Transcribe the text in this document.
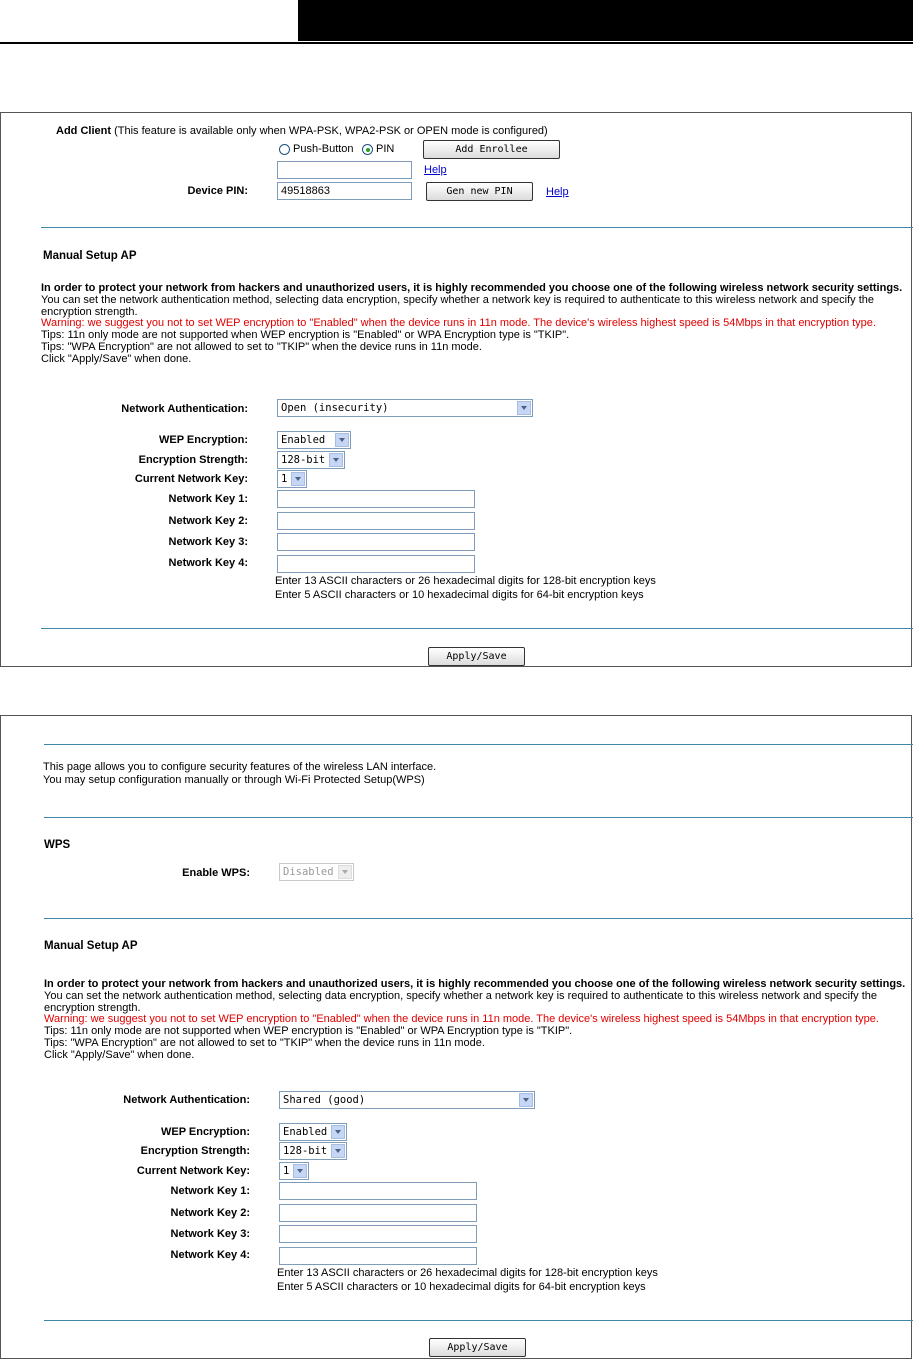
Add Client (This feature is available only when WPA-PSK, WPA2-PSK or OPEN mode is configured)
Push-Button PIN	Add Enrollee
Help
Device PIN:
49518863	Gen new PIN	Help
Manual Setup AP
In order to protect your network from hackers and unauthorized users, it is highly recommended you choose one of the following wireless network security settings.
You can set the network authentication method, selecting data encryption, specify whether a network key is required to authenticate to this wireless network and specify the
encryption strength.
Warning: we suggest you not to set WEP encryption to "Enabled" when the device runs in 11n mode. The device's wireless highest speed is 54Mbps in that encryption type.
Tips: 11n only mode are not supported when WEP encryption is "Enabled" or WPA Encryption type is "TKIP".
Tips: "WPA Encryption" are not allowed to set to "TKIP" when the device runs in 11n mode.
Click "Apply/Save" when done.
Network Authentication:	Open (insecurity)
WEP Encryption:	Enabled
Encryption Strength:	128-bit
Current Network Key:	1
Network Key 1:
Network Key 2:
Network Key 3:
Network Key 4:
Enter 13 ASCII characters or 26 hexadecimal digits for 128-bit encryption keys
Enter 5 ASCII characters or 10 hexadecimal digits for 64-bit encryption keys
Apply/Save
This page allows you to configure security features of the wireless LAN interface.
You may setup configuration manually or through Wi-Fi Protected Setup(WPS)
WPS
Enable WPS:	Disabled
Manual Setup AP
In order to protect your network from hackers and unauthorized users, it is highly recommended you choose one of the following wireless network security settings.
You can set the network authentication method, selecting data encryption, specify whether a network key is required to authenticate to this wireless network and specify the
encryption strength.
Warning: we suggest you not to set WEP encryption to "Enabled" when the device runs in 11n mode. The device's wireless highest speed is 54Mbps in that encryption type.
Tips: 11n only mode are not supported when WEP encryption is "Enabled" or WPA Encryption type is "TKIP".
Tips: "WPA Encryption" are not allowed to set to "TKIP" when the device runs in 11n mode.
Click "Apply/Save" when done.
Network Authentication:	Shared (good)
WEP Encryption:	Enabled
Encryption Strength:	128-bit
Current Network Key:	1
Network Key 1:
Network Key 2:
Network Key 3:
Network Key 4:
Enter 13 ASCII characters or 26 hexadecimal digits for 128-bit encryption keys
Enter 5 ASCII characters or 10 hexadecimal digits for 64-bit encryption keys
Apply/Save
